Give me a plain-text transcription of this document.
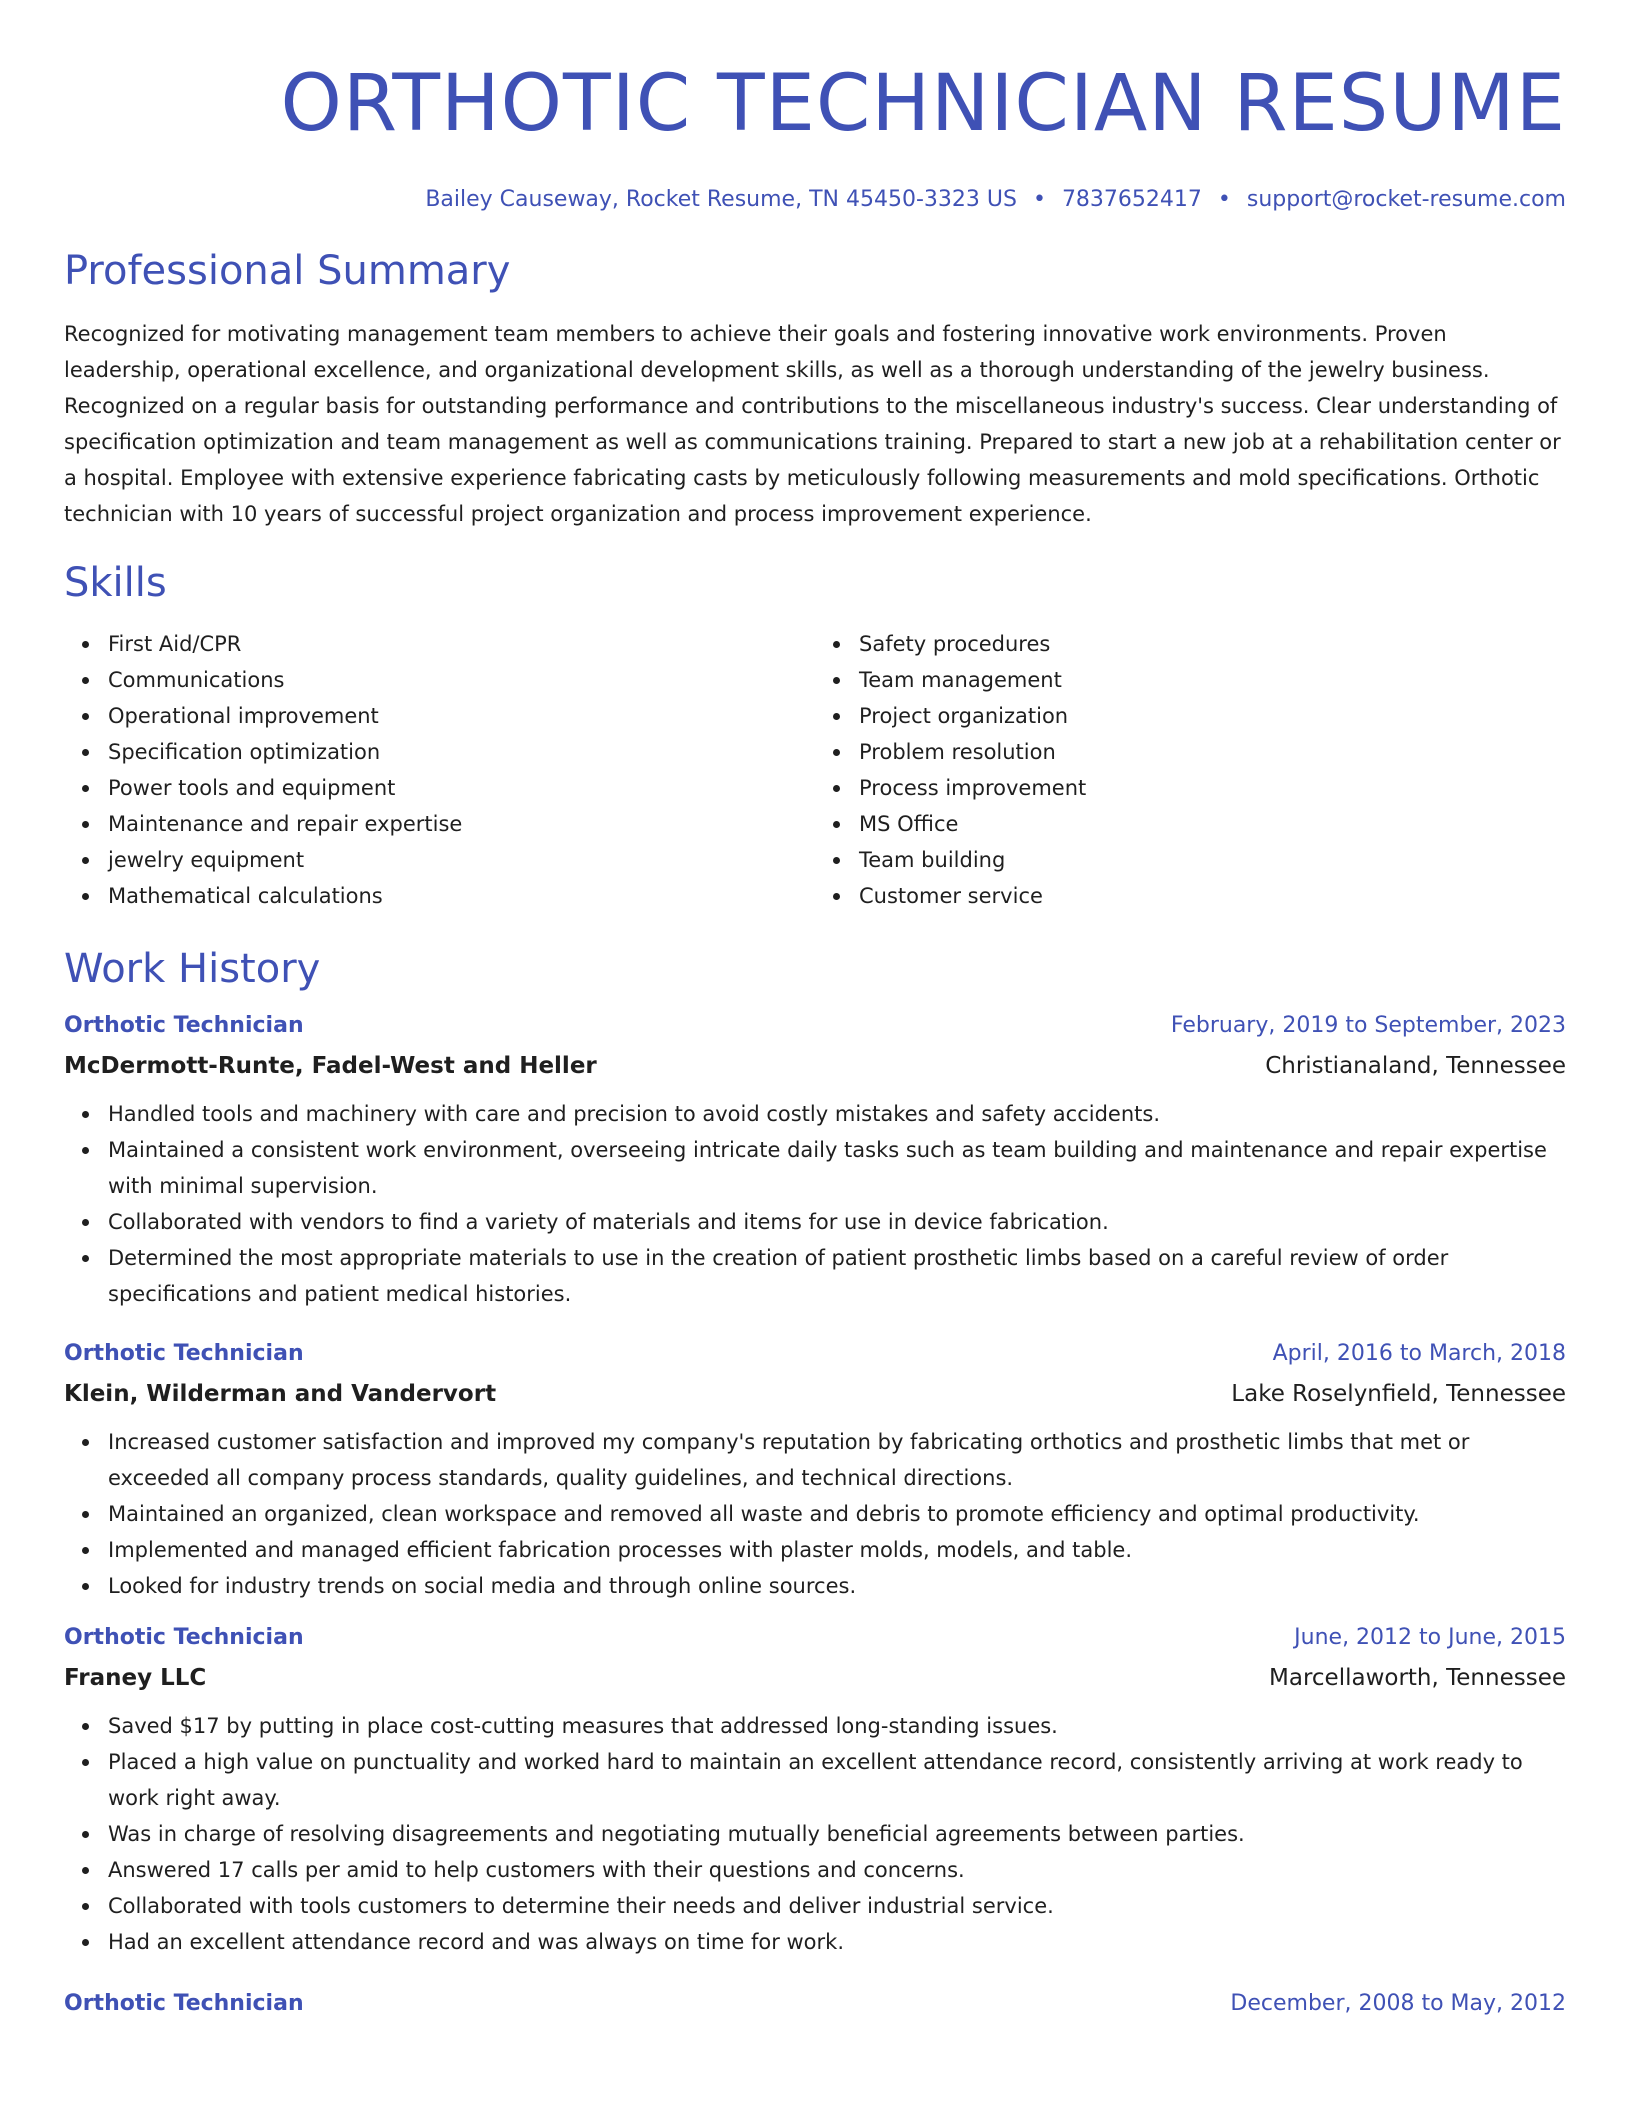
ORTHOTIC TECHNICIAN RESUME
Bailey Causeway, Rocket Resume, TN 45450-3323 US • 7837652417 • support@rocket-resume.com
Professional Summary
Recognized for motivating management team members to achieve their goals and fostering innovative work environments. Proven leadership, operational excellence, and organizational development skills, as well as a thorough understanding of the jewelry business. Recognized on a regular basis for outstanding performance and contributions to the miscellaneous industry's success. Clear understanding of specification optimization and team management as well as communications training. Prepared to start a new job at a rehabilitation center or a hospital. Employee with extensive experience fabricating casts by meticulously following measurements and mold specifications. Orthotic technician with 10 years of successful project organization and process improvement experience.
Skills
First Aid/CPR
Communications
Operational improvement
Specification optimization
Power tools and equipment
Maintenance and repair expertise
jewelry equipment
Mathematical calculations
Safety procedures
Team management
Project organization
Problem resolution
Process improvement
MS Office
Team building
Customer service
Work History
Orthotic Technician	February, 2019 to September, 2023
McDermott-Runte, Fadel-West and Heller	Christianaland, Tennessee
Handled tools and machinery with care and precision to avoid costly mistakes and safety accidents.
Maintained a consistent work environment, overseeing intricate daily tasks such as team building and maintenance and repair expertise with minimal supervision.
Collaborated with vendors to find a variety of materials and items for use in device fabrication.
Determined the most appropriate materials to use in the creation of patient prosthetic limbs based on a careful review of order specifications and patient medical histories.
Orthotic Technician	April, 2016 to March, 2018
Klein, Wilderman and Vandervort	Lake Roselynfield, Tennessee
Increased customer satisfaction and improved my company's reputation by fabricating orthotics and prosthetic limbs that met or exceeded all company process standards, quality guidelines, and technical directions.
Maintained an organized, clean workspace and removed all waste and debris to promote efficiency and optimal productivity.
Implemented and managed efficient fabrication processes with plaster molds, models, and table.
Looked for industry trends on social media and through online sources.
Orthotic Technician	June, 2012 to June, 2015
Franey LLC	Marcellaworth, Tennessee
Saved $17 by putting in place cost-cutting measures that addressed long-standing issues.
Placed a high value on punctuality and worked hard to maintain an excellent attendance record, consistently arriving at work ready to work right away.
Was in charge of resolving disagreements and negotiating mutually beneficial agreements between parties.
Answered 17 calls per amid to help customers with their questions and concerns.
Collaborated with tools customers to determine their needs and deliver industrial service.
Had an excellent attendance record and was always on time for work.
Orthotic Technician	December, 2008 to May, 2012
